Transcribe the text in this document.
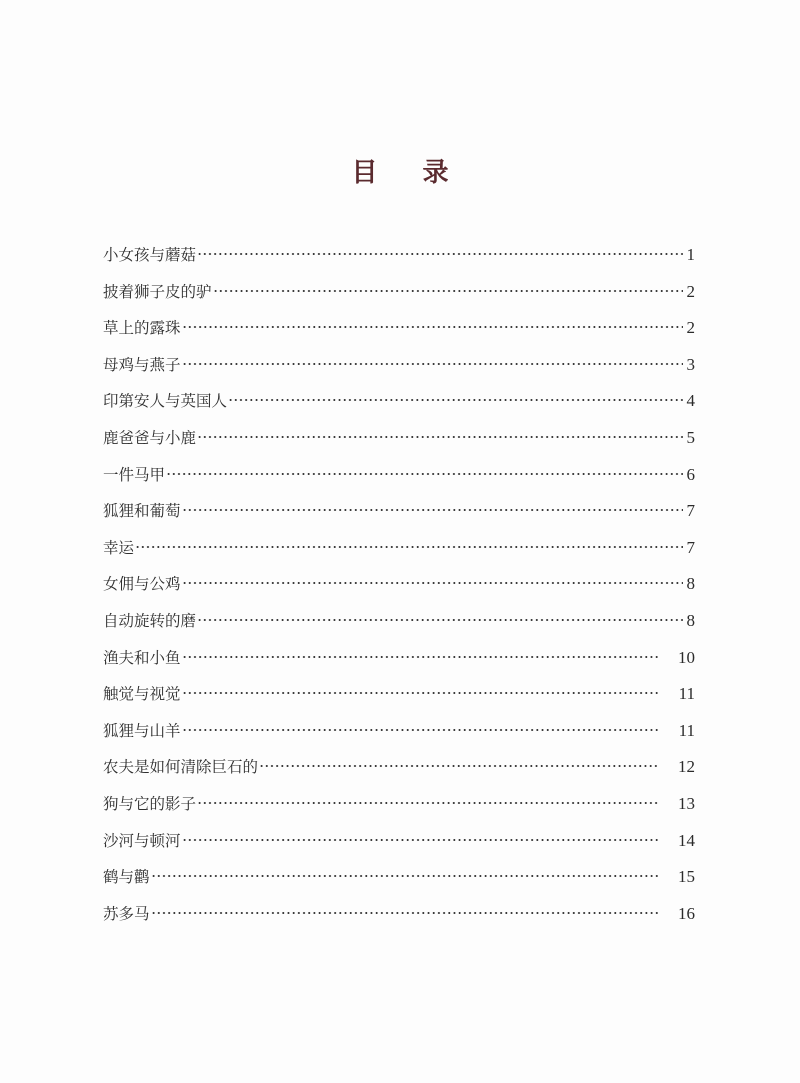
目 录
小女孩与蘑菇	1
披着狮子皮的驴	2
草上的露珠	2
母鸡与燕子	3
印第安人与英国人	4
鹿爸爸与小鹿	5
一件马甲	6
狐狸和葡萄	7
幸运	7
女佣与公鸡	8
自动旋转的磨	8
渔夫和小鱼	10
触觉与视觉	11
狐狸与山羊	11
农夫是如何清除巨石的	12
狗与它的影子	13
沙河与顿河	14
鹤与鹳	15
苏多马	16
